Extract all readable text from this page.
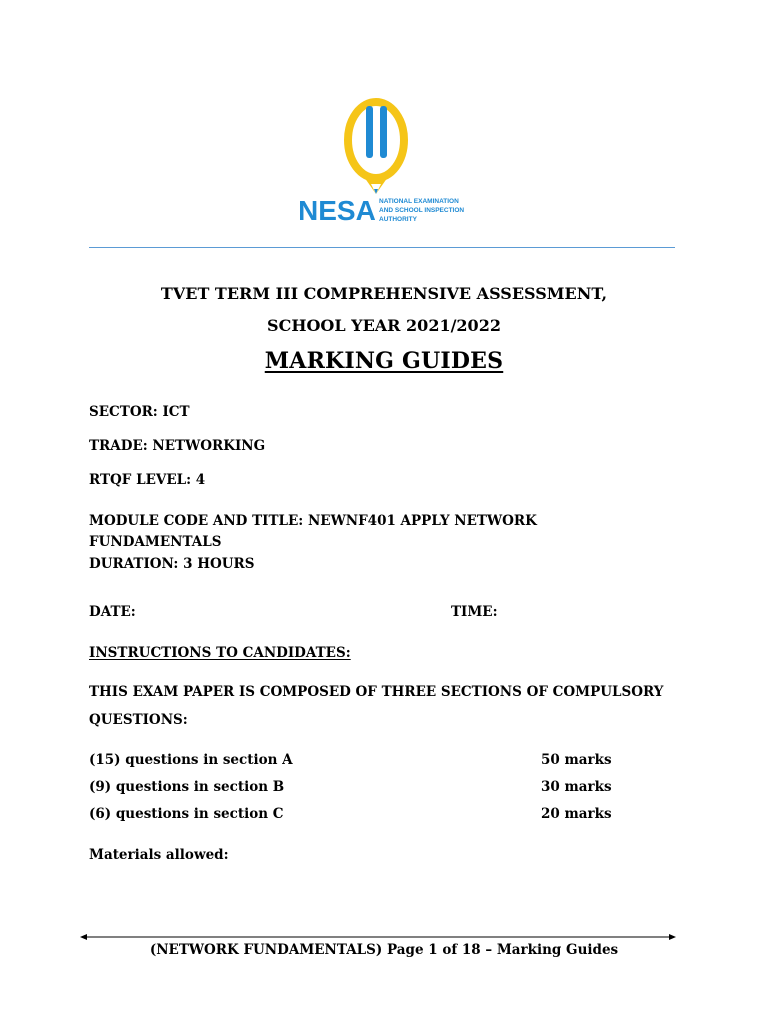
NESA NATIONAL EXAMINATION
AND SCHOOL INSPECTION
AUTHORITY
TVET TERM III COMPREHENSIVE ASSESSMENT,
SCHOOL YEAR 2021/2022
MARKING GUIDES
SECTOR: ICT
TRADE: NETWORKING
RTQF LEVEL: 4
MODULE CODE AND TITLE: NEWNF401 APPLY NETWORK
FUNDAMENTALS
DURATION: 3 HOURS
DATE:	TIME:
INSTRUCTIONS TO CANDIDATES:
THIS EXAM PAPER IS COMPOSED OF THREE SECTIONS OF COMPULSORY
QUESTIONS:
(15) questions in section A	50 marks
(9) questions in section B	30 marks
(6) questions in section C	20 marks
Materials allowed:
(NETWORK FUNDAMENTALS) Page 1 of 18 – Marking Guides
